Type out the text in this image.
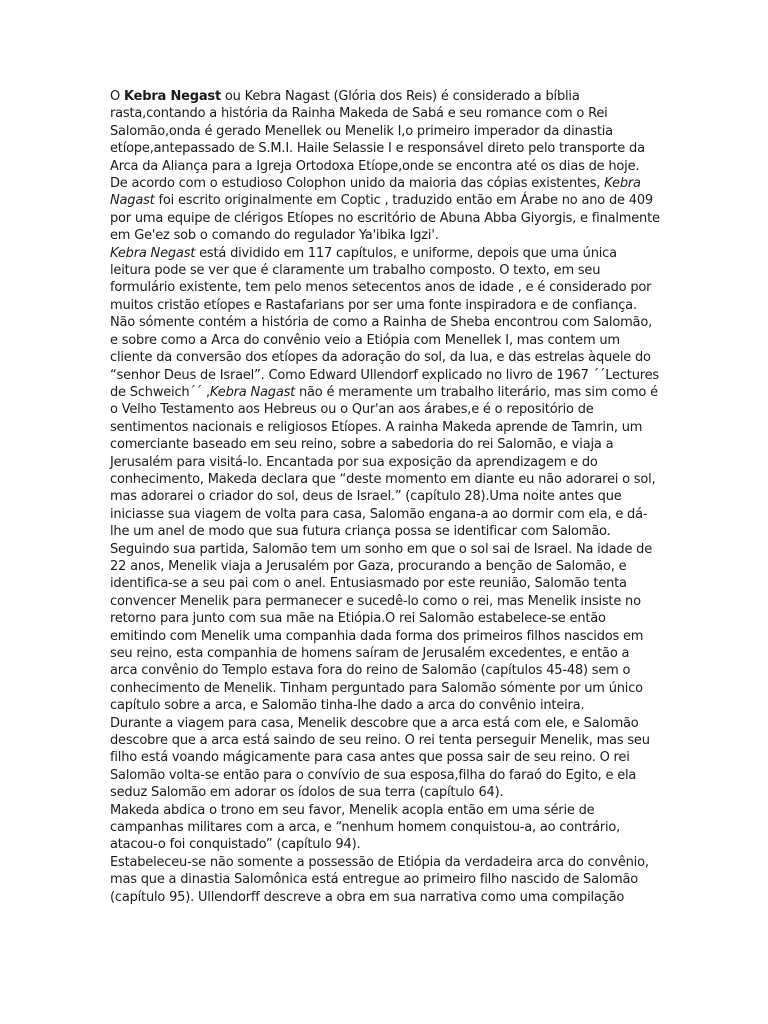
O Kebra Negast ou Kebra Nagast (Glória dos Reis) é considerado a bíblia rasta,contando a história da Rainha Makeda de Sabá e seu romance com o Rei Salomão,onda é gerado Menellek ou Menelik I,o primeiro imperador da dinastia etíope,antepassado de S.M.I. Haile Selassie I e responsável direto pelo transporte da Arca da Aliança para a Igreja Ortodoxa Etíope,onde se encontra até os dias de hoje. De acordo com o estudioso Colophon unido da maioria das cópias existentes, Kebra Nagast foi escrito originalmente em Coptic , traduzido então em Árabe no ano de 409 por uma equipe de clérigos Etíopes no escritório de Abuna Abba Giyorgis, e finalmente em Ge'ez sob o comando do regulador Ya'ibika Igzi'.

Kebra Negast está dividido em 117 capítulos, e uniforme, depois que uma única leitura pode se ver que é claramente um trabalho composto. O texto, em seu formulário existente, tem pelo menos setecentos anos de idade , e é considerado por muitos cristão etíopes e Rastafarians por ser uma fonte inspiradora e de confiança.

Não sómente contém a história de como a Rainha de Sheba encontrou com Salomão, e sobre como a Arca do convênio veio a Etiópia com Menellek I, mas contem um cliente da conversão dos etíopes da adoração do sol, da lua, e das estrelas àquele do “senhor Deus de Israel”. Como Edward Ullendorf explicado no livro de 1967 ´´Lectures de Schweich´´ ,Kebra Nagast não é meramente um trabalho literário, mas sim como é o Velho Testamento aos Hebreus ou o Qur'an aos árabes,e é o repositório de sentimentos nacionais e religiosos Etíopes. A rainha Makeda aprende de Tamrin, um comerciante baseado em seu reino, sobre a sabedoria do rei Salomão, e viaja a Jerusalém para visitá-lo. Encantada por sua exposição da aprendizagem e do conhecimento, Makeda declara que “deste momento em diante eu não adorarei o sol, mas adorarei o criador do sol, deus de Israel.” (capítulo 28).Uma noite antes que iniciasse sua viagem de volta para casa, Salomão engana-a ao dormir com ela, e dá-lhe um anel de modo que sua futura criança possa se identificar com Salomão. Seguindo sua partida, Salomão tem um sonho em que o sol sai de Israel. Na idade de 22 anos, Menelik viaja a Jerusalém por Gaza, procurando a benção de Salomão, e identifica-se a seu pai com o anel. Entusiasmado por este reunião, Salomão tenta convencer Menelik para permanecer e sucedê-lo como o rei, mas Menelik insiste no retorno para junto com sua mãe na Etiópia.O rei Salomão estabelece-se então emitindo com Menelik uma companhia dada forma dos primeiros filhos nascidos em seu reino, esta companhia de homens saíram de Jerusalém excedentes, e então a arca convênio do Templo estava fora do reino de Salomão (capítulos 45-48) sem o conhecimento de Menelik. Tinham perguntado para Salomão sómente por um único capítulo sobre a arca, e Salomão tinha-lhe dado a arca do convênio inteira.

Durante a viagem para casa, Menelik descobre que a arca está com ele, e Salomão descobre que a arca está saindo de seu reino. O rei tenta perseguir Menelik, mas seu filho está voando mágicamente para casa antes que possa sair de seu reino. O rei Salomão volta-se então para o convívio de sua esposa,filha do faraó do Egito, e ela seduz Salomão em adorar os ídolos de sua terra (capítulo 64).

Makeda abdica o trono em seu favor, Menelik acopla então em uma série de campanhas militares com a arca, e “nenhum homem conquistou-a, ao contrário, atacou-o foi conquistado” (capítulo 94).

Estabeleceu-se não somente a possessão de Etiópia da verdadeira arca do convênio, mas que a dinastia Salomônica está entregue ao primeiro filho nascido de Salomão (capítulo 95). Ullendorff descreve a obra em sua narrativa como uma compilação
